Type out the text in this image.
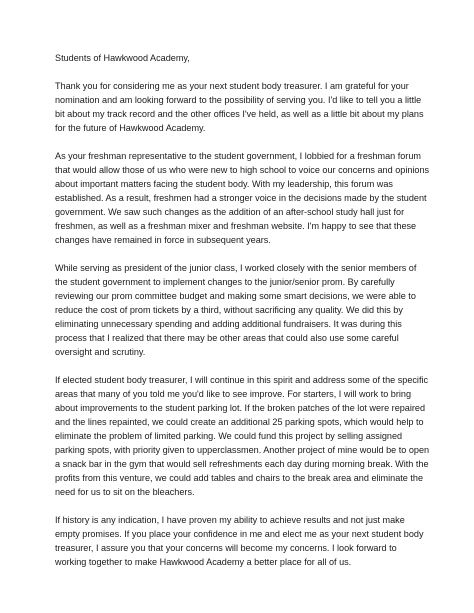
Students of Hawkwood Academy,

Thank you for considering me as your next student body treasurer. I am grateful for your nomination and am looking forward to the possibility of serving you. I'd like to tell you a little bit about my track record and the other offices I've held, as well as a little bit about my plans for the future of Hawkwood Academy.

As your freshman representative to the student government, I lobbied for a freshman forum that would allow those of us who were new to high school to voice our concerns and opinions about important matters facing the student body. With my leadership, this forum was established. As a result, freshmen had a stronger voice in the decisions made by the student government. We saw such changes as the addition of an after-school study hall just for freshmen, as well as a freshman mixer and freshman website. I'm happy to see that these changes have remained in force in subsequent years.

While serving as president of the junior class, I worked closely with the senior members of the student government to implement changes to the junior/senior prom. By carefully reviewing our prom committee budget and making some smart decisions, we were able to reduce the cost of prom tickets by a third, without sacrificing any quality. We did this by eliminating unnecessary spending and adding additional fundraisers. It was during this process that I realized that there may be other areas that could also use some careful oversight and scrutiny.

If elected student body treasurer, I will continue in this spirit and address some of the specific areas that many of you told me you'd like to see improve. For starters, I will work to bring about improvements to the student parking lot. If the broken patches of the lot were repaired and the lines repainted, we could create an additional 25 parking spots, which would help to eliminate the problem of limited parking. We could fund this project by selling assigned parking spots, with priority given to upperclassmen. Another project of mine would be to open a snack bar in the gym that would sell refreshments each day during morning break. With the profits from this venture, we could add tables and chairs to the break area and eliminate the need for us to sit on the bleachers.

If history is any indication, I have proven my ability to achieve results and not just make empty promises. If you place your confidence in me and elect me as your next student body treasurer, I assure you that your concerns will become my concerns. I look forward to working together to make Hawkwood Academy a better place for all of us.
